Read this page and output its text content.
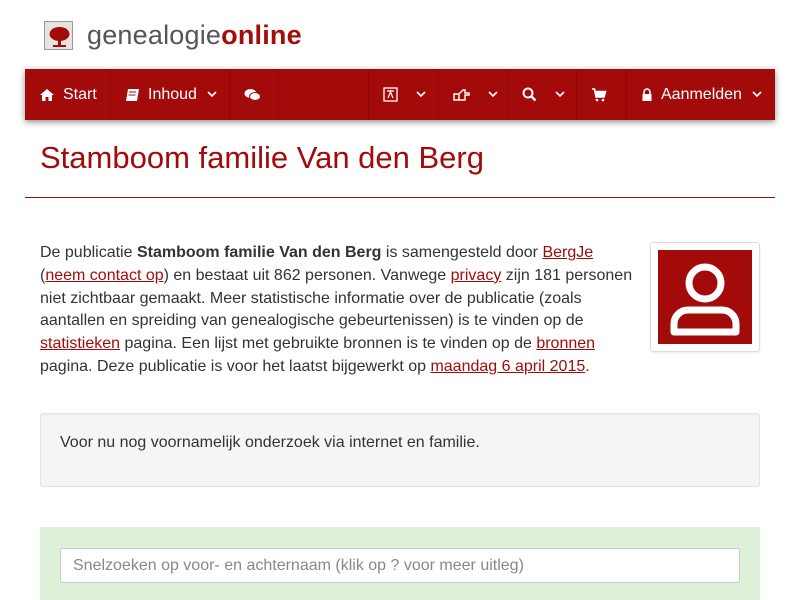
genealogieonline
Start	Inhoud	Aanmelden
Stamboom familie Van den Berg

De publicatie Stamboom familie Van den Berg is samengesteld door BergJe
(neem contact op) en bestaat uit 862 personen. Vanwege privacy zijn 181 personen niet zichtbaar gemaakt. Meer statistische informatie over de publicatie (zoals aantallen en spreiding van genealogische gebeurtenissen) is te vinden op de statistieken pagina. Een lijst met gebruikte bronnen is te vinden op de bronnen pagina. Deze publicatie is voor het laatst bijgewerkt op maandag 6 april 2015.

Voor nu nog voornamelijk onderzoek via internet en familie.
Snelzoeken op voor- en achternaam (klik op ? voor meer uitleg)
